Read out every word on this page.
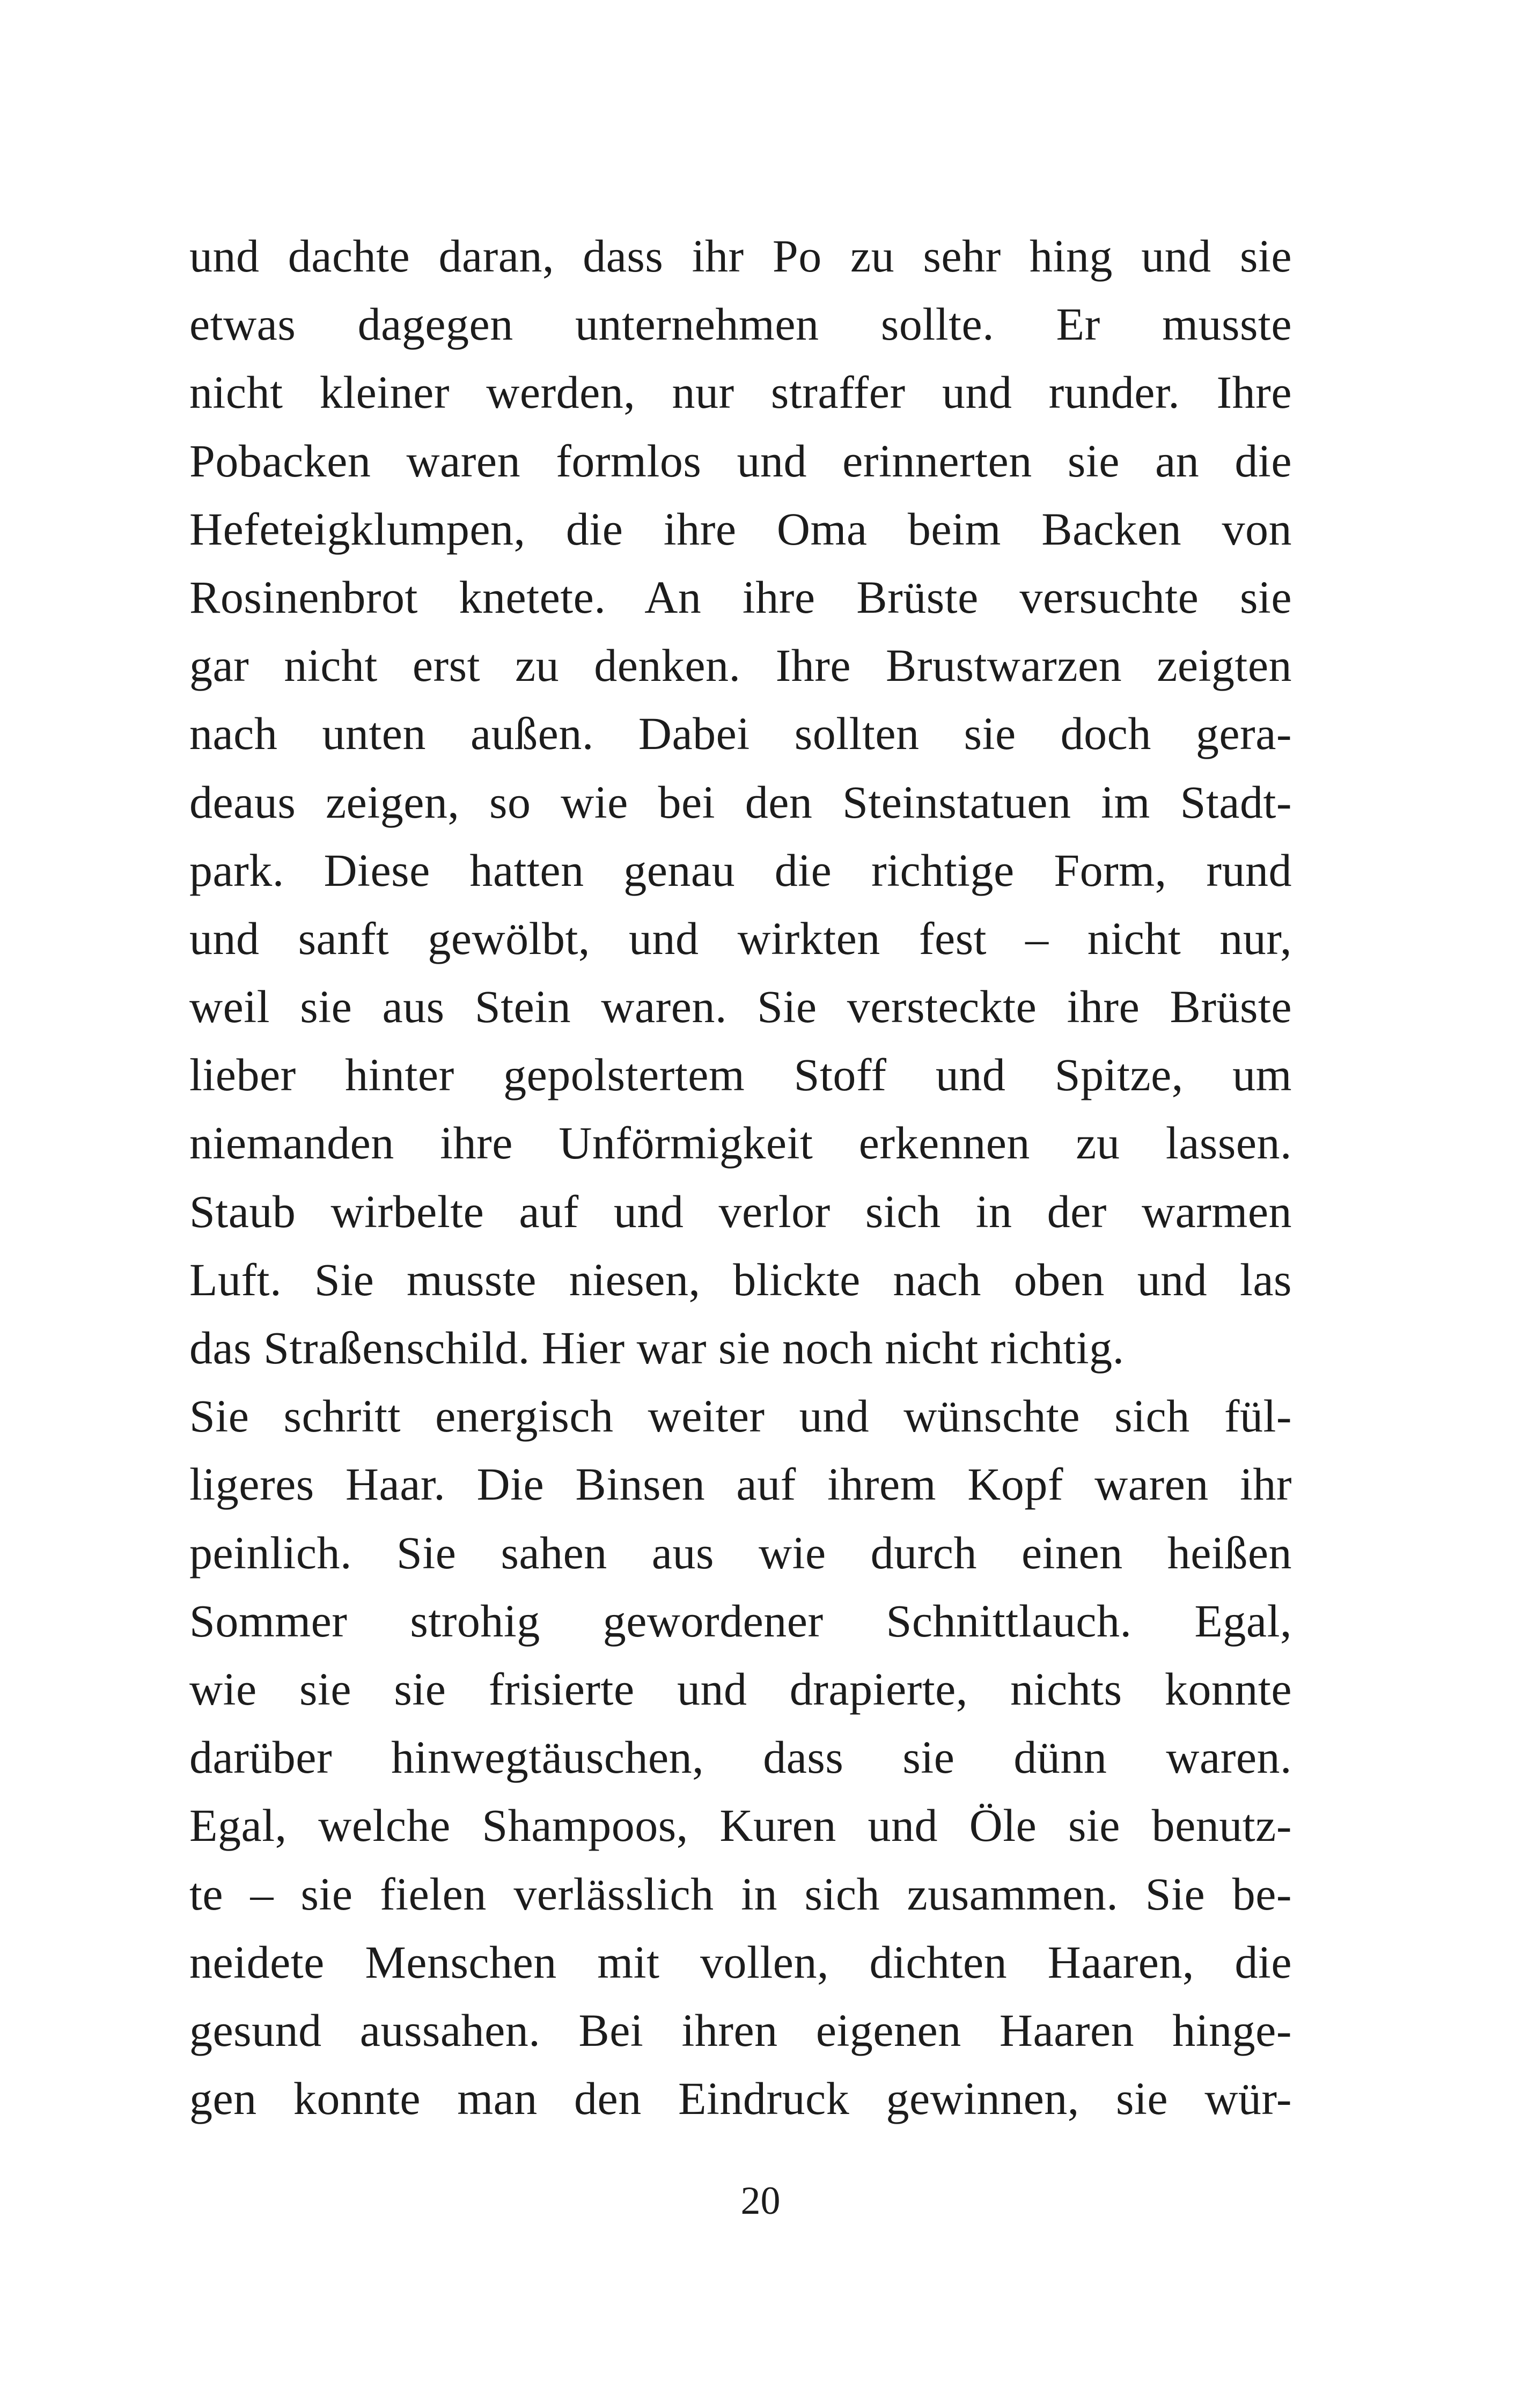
und dachte daran, dass ihr Po zu sehr hing und sie
etwas dagegen unternehmen sollte. Er musste
nicht kleiner werden, nur straffer und runder. Ihre
Pobacken waren formlos und erinnerten sie an die
Hefeteigklumpen, die ihre Oma beim Backen von
Rosinenbrot knetete. An ihre Brüste versuchte sie
gar nicht erst zu denken. Ihre Brustwarzen zeigten
nach unten außen. Dabei sollten sie doch gera-
deaus zeigen, so wie bei den Steinstatuen im Stadt-
park. Diese hatten genau die richtige Form, rund
und sanft gewölbt, und wirkten fest – nicht nur,
weil sie aus Stein waren. Sie versteckte ihre Brüste
lieber hinter gepolstertem Stoff und Spitze, um
niemanden ihre Unförmigkeit erkennen zu lassen.
Staub wirbelte auf und verlor sich in der warmen
Luft. Sie musste niesen, blickte nach oben und las
das Straßenschild. Hier war sie noch nicht richtig.
Sie schritt energisch weiter und wünschte sich fül-
ligeres Haar. Die Binsen auf ihrem Kopf waren ihr
peinlich. Sie sahen aus wie durch einen heißen
Sommer strohig gewordener Schnittlauch. Egal,
wie sie sie frisierte und drapierte, nichts konnte
darüber hinwegtäuschen, dass sie dünn waren.
Egal, welche Shampoos, Kuren und Öle sie benutz-
te – sie fielen verlässlich in sich zusammen. Sie be-
neidete Menschen mit vollen, dichten Haaren, die
gesund aussahen. Bei ihren eigenen Haaren hinge-
gen konnte man den Eindruck gewinnen, sie wür-
20
